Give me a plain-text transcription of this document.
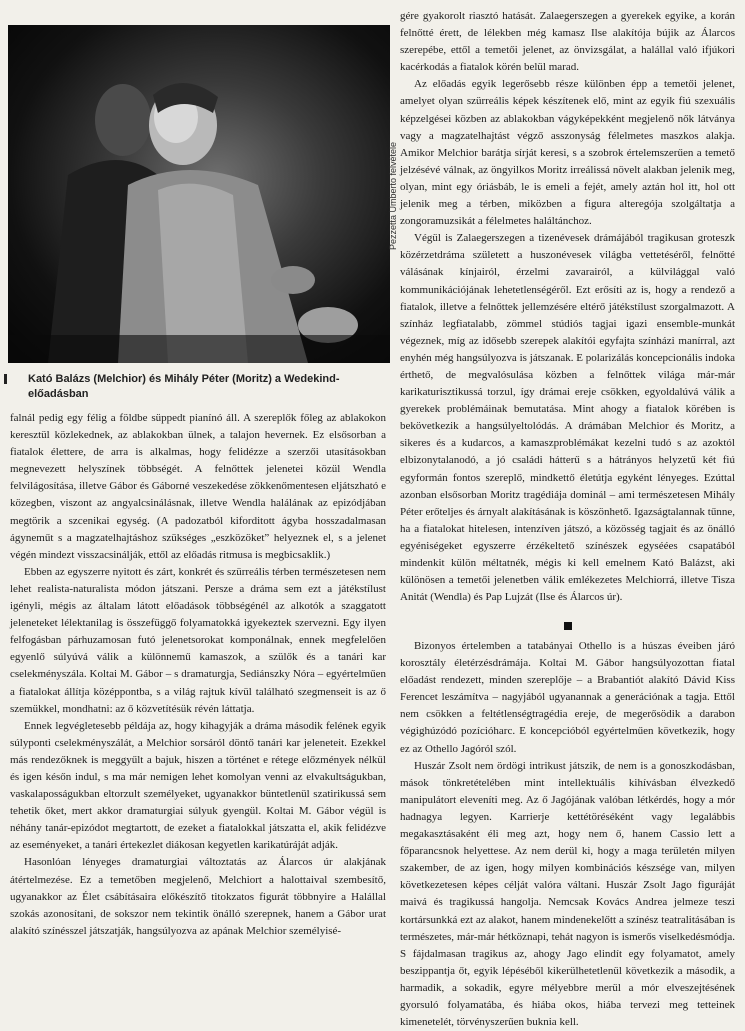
Pezzetta Umberto felvétele
Kató Balázs (Melchior) és Mihály Péter (Moritz) a Wedekind-előadásban

falnál pedig egy félig a földbe süppedt pianínó áll. A szereplők főleg az ablakokon keresztül közlekednek, az ablakokban ülnek, a talajon hevernek. Ez elsősorban a fiatalok élettere, de arra is alkalmas, hogy felidézze a szerzői utasításokban megnevezett helyszínek többségét. A felnőttek jelenetei közül Wendla felvilágosítása, illetve Gábor és Gáborné veszekedése zökkenőmentesen eljátszható e közegben, viszont az angyalcsinálásnak, illetve Wendla halálának az epizódjában megtörik a szcenikai egység. (A padozatból kiforditott ágyba hosszadalmasan ágyneműt s a magzatelhajtáshoz szükséges „eszközöket” helyeznek el, s a jelenet végén mindezt visszacsinálják, ettől az előadás ritmusa is megbicsaklik.)

Ebben az egyszerre nyitott és zárt, konkrét és szürreális térben természetesen nem lehet realista-naturalista módon játszani. Persze a dráma sem ezt a játékstílust igényli, mégis az általam látott előadások többségénél az alkotók a szaggatott jeleneteket lélektanilag is összefüggő folyamatokká igyekeztek szervezni. Egy ilyen felfogásban párhuzamosan futó jelenetsorokat komponálnak, ennek megfelelően egyenlő súlyúvá válik a különnemű kamaszok, a szülők és a tanári kar cselekményszála. Koltai M. Gábor – s dramaturgja, Sediánszky Nóra – egyértelműen a fiatalokat állítja középpontba, s a világ rajtuk kívül található szegmenseit is az ő szemükkel, mondhatni: az ő közvetítésük révén láttatja.

Ennek legvégletesebb példája az, hogy kihagyják a dráma második felének egyik súlyponti cselekményszálát, a Melchior sorsáról döntő tanári kar jeleneteit. Ezekkel más rendezőknek is meggyűlt a bajuk, hiszen a történet e rétege előzmények nélkül és igen későn indul, s ma már nemigen lehet komolyan venni az elvakultságukban, vaskalaposságukban eltorzult személyeket, ugyanakkor büntetlenül szatirikussá sem tehetik őket, mert akkor dramaturgiai súlyuk gyengül. Koltai M. Gábor végül is néhány tanár-epizódot megtartott, de ezeket a fiatalokkal játszatta el, akik felidézve az eseményeket, a tanári értekezlet diákosan kegyetlen karikatúráját adják.

Hasonlóan lényeges dramaturgiai változtatás az Álarcos úr alakjának átértelmezése. Ez a temetőben megjelenő, Melchiort a halottaival szembesítő, ugyanakkor az Élet csábításaira előkészítő titokzatos figurát többnyire a Halállal szokás azonosítani, de sokszor nem tekintik önálló szerepnek, hanem a Gábor urat alakító színésszel játszatják, hangsúlyozva az apának Melchior személyisé-

gére gyakorolt riasztó hatását. Zalaegerszegen a gyerekek egyike, a korán felnőtté érett, de lélekben még kamasz Ilse alakítója bújik az Álarcos szerepébe, ettől a temetői jelenet, az önvizsgálat, a halállal való ifjúkori kacérkodás a fiatalok körén belül marad.

Az előadás egyik legerősebb része különben épp a temetői jelenet, amelyet olyan szürreális képek készítenek elő, mint az egyik fiú szexuális képzelgései közben az ablakokban vágyképekként megjelenő nők látványa vagy a magzatelhajtást végző asszonyság félelmetes maszkos alakja. Amikor Melchior barátja sírját keresi, s a szobrok értelemszerűen a temető jelzésévé válnak, az öngyilkos Moritz irreálissá növelt alakban jelenik meg, olyan, mint egy óriásbáb, le is emeli a fejét, amely aztán hol itt, hol ott jelenik meg a térben, miközben a figura alteregója szolgáltatja a zongoramuzsikát a félelmetes haláltánchoz.

Végül is Zalaegerszegen a tizenévesek drámájából tragikusan groteszk közérzetdráma született a huszonévesek világba vettetéséről, felnőtté válásának kínjairól, érzelmi zavarairól, a külvilággal való kommunikációjának lehetetlenségéről. Ezt erősíti az is, hogy a rendező a fiatalok, illetve a felnőttek jellemzésére eltérő játékstílust szorgalmazott. A színház legfiatalabb, zömmel stúdiós tagjai igazi ensemble-munkát végeznek, míg az idősebb szerepek alakítói egyfajta színházi manírral, azt enyhén még hangsúlyozva is játszanak. E polarizálás koncepcionális indoka érthető, de megvalósulása közben a felnőttek világa már-már karikaturisztikussá torzul, így drámai ereje csökken, egyoldalúvá válik a gyerekek problémáinak bemutatása. Mint ahogy a fiatalok körében is bekövetkezik a hangsúlyeltolódás. A drámában Melchior és Moritz, a sikeres és a kudarcos, a kamaszproblémákat kezelni tudó s az azoktól elbizonytalanodó, a jó családi hátterű s a hátrányos helyzetű két fiú egyformán fontos szereplő, mindkettő életútja egyként lényeges. Ezúttal azonban elsősorban Moritz tragédiája dominál – ami természetesen Mihály Péter erőteljes és árnyalt alakításának is köszönhető. Igazságtalannak tűnne, ha a fiatalokat hitelesen, intenzíven játszó, a közösség tagjait és az önálló egyéniségeket egyszerre érzékeltető színészek egyséées csapatából mindenkit külön méltatnék, mégis ki kell emelnem Kató Balázst, aki különösen a temetői jelenetben válik emlékezetes Melchiorrá, illetve Tisza Anitát (Wendla) és Pap Lujzát (Ilse és Álarcos úr).

Bizonyos értelemben a tatabányai Othello is a húszas éveiben járó korosztály életérzésdrámája. Koltai M. Gábor hangsúlyozottan fiatal előadást rendezett, minden szereplője – a Brabantiót alakító Dávid Kiss Ferencet leszámítva – nagyjából ugyanannak a generációnak a tagja. Ettől nem csökken a feltétlenségtragédia ereje, de megerősödik a darabon végighúzódó pozícióharc. E koncepcióból egyértelműen következik, hogy ez az Othello Jagóról szól.

Huszár Zsolt nem ördögi intrikust játszik, de nem is a gonoszkodásban, mások tönkretételében mint intellektuális kihívásban élvezkedő manipulátort eleveníti meg. Az ő Jagójának valóban létkérdés, hogy a mór hadnagya legyen. Karrierje kettétöréséként vagy legalábbis megakasztásaként éli meg azt, hogy nem ő, hanem Cassio lett a főparancsnok helyettese. Az nem derül ki, hogy a maga területén milyen szakember, de az igen, hogy milyen kombinációs készsége van, milyen következetesen képes célját valóra váltani. Huszár Zsolt Jago figuráját maivá és tragikussá hangolja. Nemcsak Kovács Andrea jelmeze teszi kortársunkká ezt az alakot, hanem mindenekelőtt a színész teatralitásában is természetes, már-már hétköznapi, tehát nagyon is ismerős viselkedésmódja. S fájdalmasan tragikus az, ahogy Jago elindít egy folyamatot, amely beszippantja őt, egyik lépéséből kikerülhetetlenül következik a második, a harmadik, a sokadik, egyre mélyebbre merül a mór elveszejtésének gyorsuló folyamatába, és hiába okos, hiába tervezi meg tetteinek kimenetelét, törvényszerűen buknia kell.
